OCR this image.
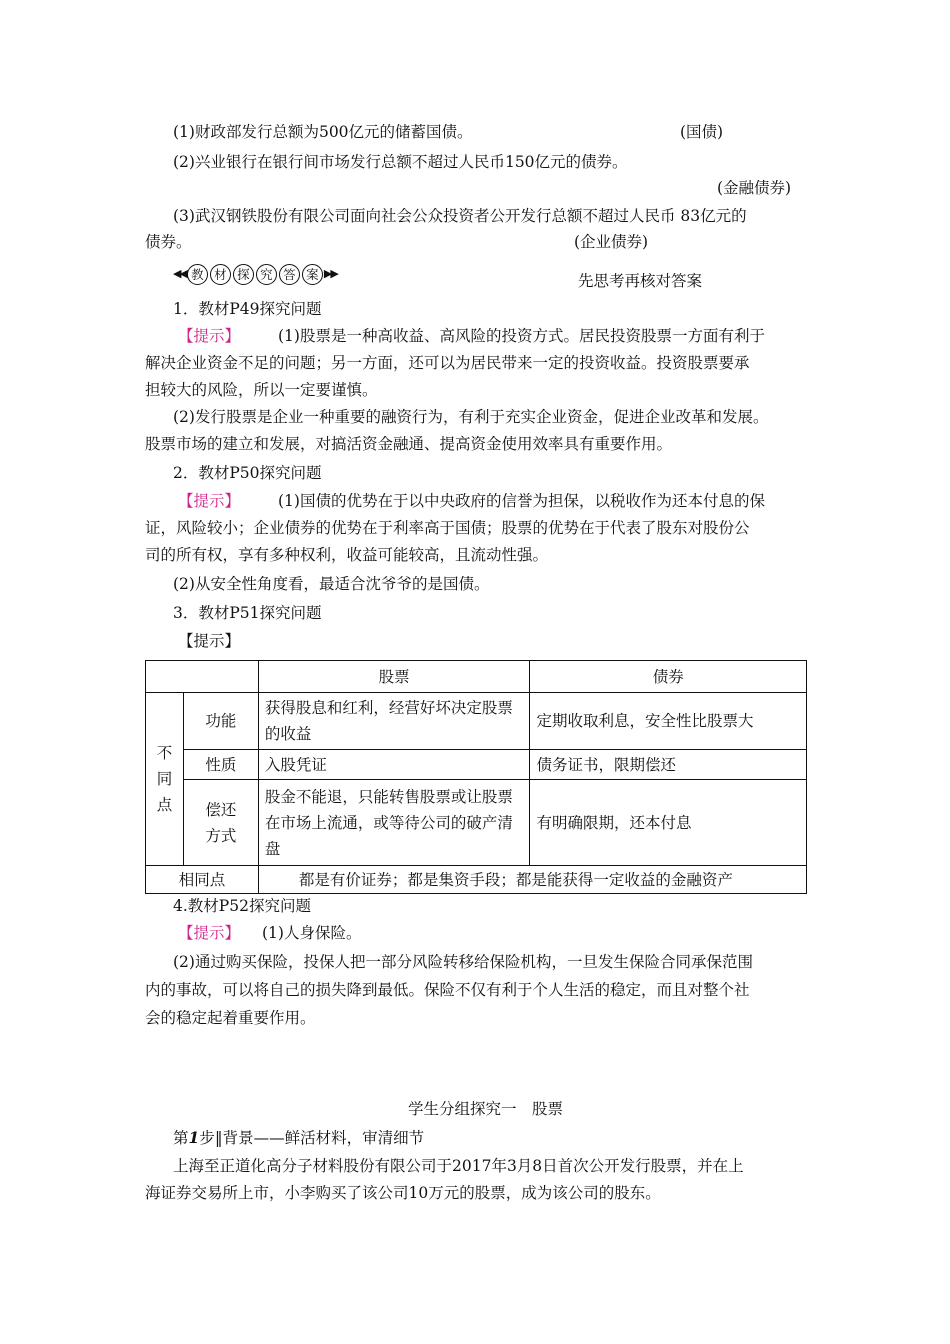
(1)财政部发行总额为500亿元的储蓄国债。	(国债)
(2)兴业银行在银行间市场发行总额不超过人民币150亿元的债券。
(金融债券)
(3)武汉钢铁股份有限公司面向社会公众投资者公开发行总额不超过人民币 83亿元的
债券。	(企业债券)
◀◀ 教 材 探 究 答 案 ▶▶	先思考再核对答案
1．教材P49探究问题
【提示】 (1)股票是一种高收益、高风险的投资方式。居民投资股票一方面有利于
解决企业资金不足的问题；另一方面，还可以为居民带来一定的投资收益。投资股票要承
担较大的风险，所以一定要谨慎。
(2)发行股票是企业一种重要的融资行为，有利于充实企业资金，促进企业改革和发展。
股票市场的建立和发展，对搞活资金融通、提高资金使用效率具有重要作用。
2．教材P50探究问题
【提示】 (1)国债的优势在于以中央政府的信誉为担保，以税收作为还本付息的保
证，风险较小；企业债券的优势在于利率高于国债；股票的优势在于代表了股东对股份公
司的所有权，享有多种权利，收益可能较高，且流动性强。
(2)从安全性角度看，最适合沈爷爷的是国债。
3．教材P51探究问题
【提示】
		股票	债券

不
同
点	功能	获得股息和红利，经营好坏决定股票的收益	定期收取利息，安全性比股票大
	性质	入股凭证	债务证书，限期偿还
	偿还方式	股金不能退，只能转售股票或让股票在市场上流通，或等待公司的破产清盘	有明确限期，还本付息
相同点		都是有价证券；都是集资手段；都是能获得一定收益的金融资产	
4.教材P52探究问题
【提示】 (1)人身保险。
(2)通过购买保险，投保人把一部分风险转移给保险机构，一旦发生保险合同承保范围
内的事故，可以将自己的损失降到最低。保险不仅有利于个人生活的稳定，而且对整个社
会的稳定起着重要作用。
学生分组探究一　股票
第1步‖背景——鲜活材料，审清细节
上海至正道化高分子材料股份有限公司于2017年3月8日首次公开发行股票，并在上
海证券交易所上市，小李购买了该公司10万元的股票，成为该公司的股东。
